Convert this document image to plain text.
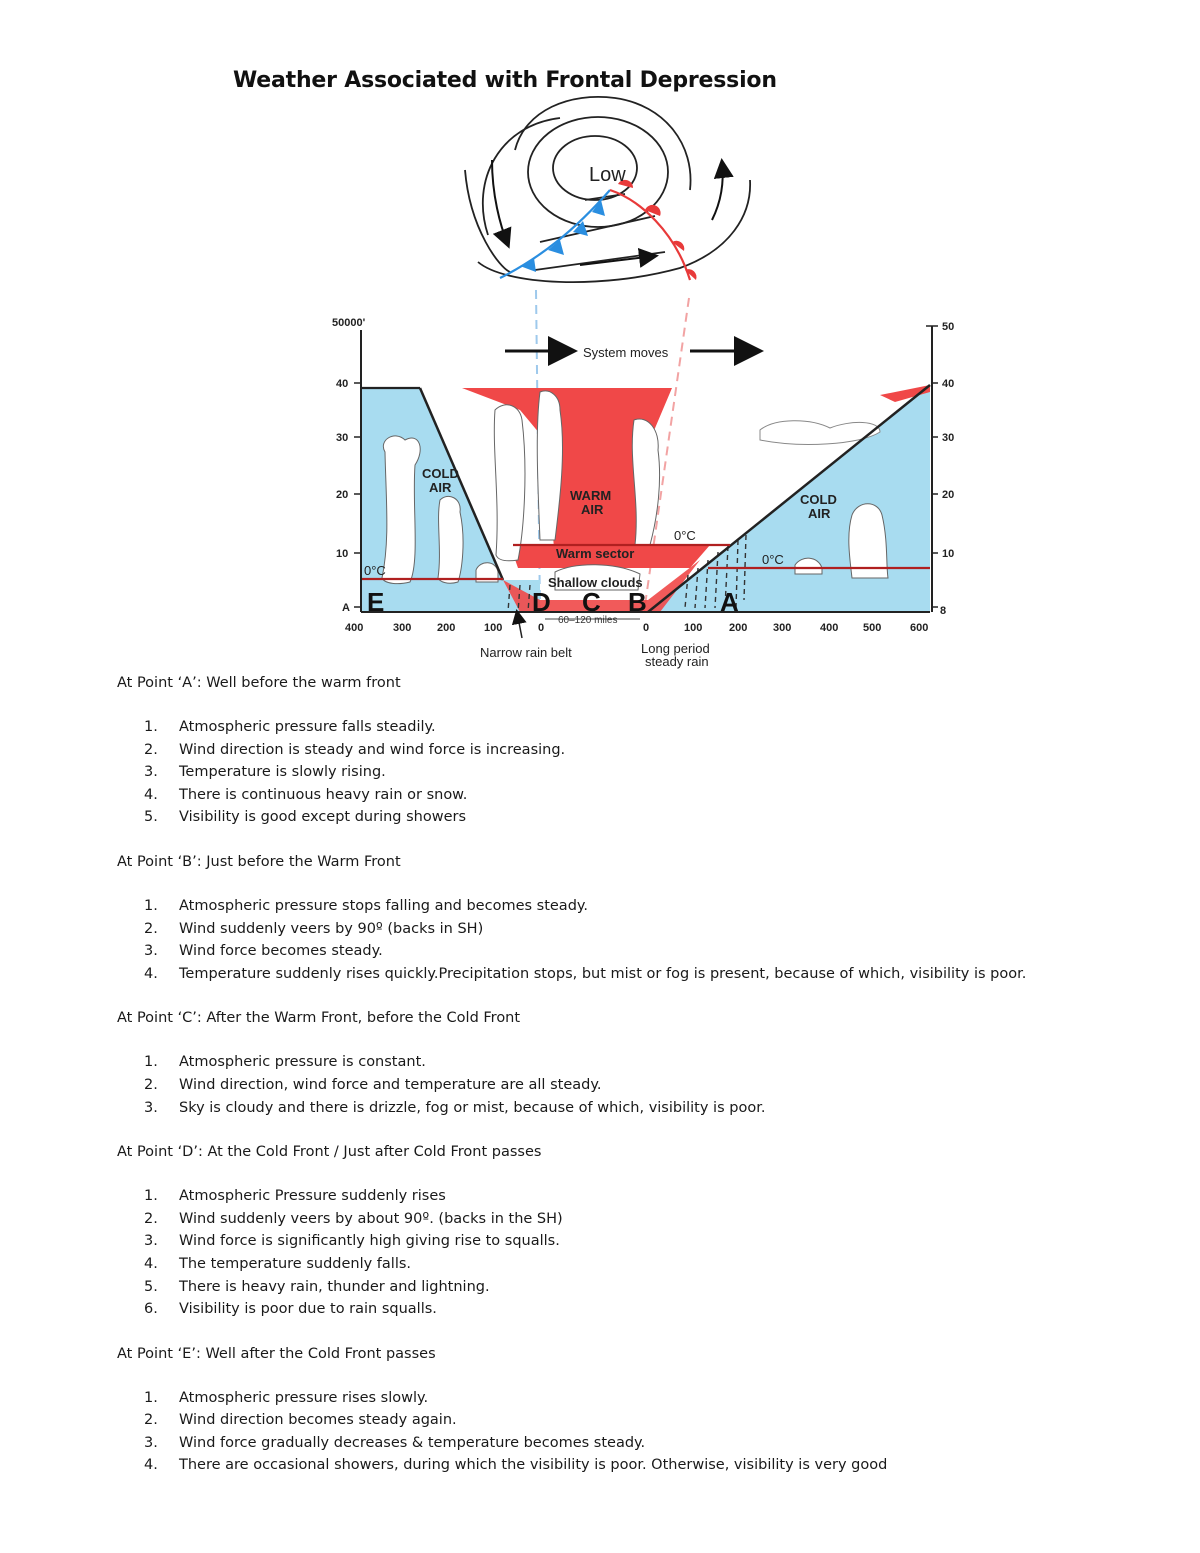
Weather Associated with Frontal Depression
Low
50000'
40
30
20
10
A
50
40
30
20
10
8
400	300 200	100	0	0	100 200 300	400 500	600
System moves
COLD
AIR
WARM
AIR
COLD
AIR
Warm sector
Shallow clouds
0°C
0°C
0°C
E	D C B	A
60–120 miles
Narrow rain belt	Long period
steady rain

At Point ‘A’: Well before the warm front

1.	Atmospheric pressure falls steadily.
2.	Wind direction is steady and wind force is increasing.
3.	Temperature is slowly rising.
4.	There is continuous heavy rain or snow.
5.	Visibility is good except during showers

At Point ‘B’: Just before the Warm Front

1.	Atmospheric pressure stops falling and becomes steady.
2.	Wind suddenly veers by 90º (backs in SH)
3.	Wind force becomes steady.
4.	Temperature suddenly rises quickly.Precipitation stops, but mist or fog is present, because of which, visibility is poor.

At Point ‘C’: After the Warm Front, before the Cold Front

1.	Atmospheric pressure is constant.
2.	Wind direction, wind force and temperature are all steady.
3.	Sky is cloudy and there is drizzle, fog or mist, because of which, visibility is poor.

At Point ‘D’: At the Cold Front / Just after Cold Front passes

1.	Atmospheric Pressure suddenly rises
2.	Wind suddenly veers by about 90º. (backs in the SH)
3.	Wind force is significantly high giving rise to squalls.
4.	The temperature suddenly falls.
5.	There is heavy rain, thunder and lightning.
6.	Visibility is poor due to rain squalls.

At Point ‘E’: Well after the Cold Front passes

1.	Atmospheric pressure rises slowly.
2.	Wind direction becomes steady again.
3.	Wind force gradually decreases & temperature becomes steady.
4.	There are occasional showers, during which the visibility is poor. Otherwise, visibility is very good
